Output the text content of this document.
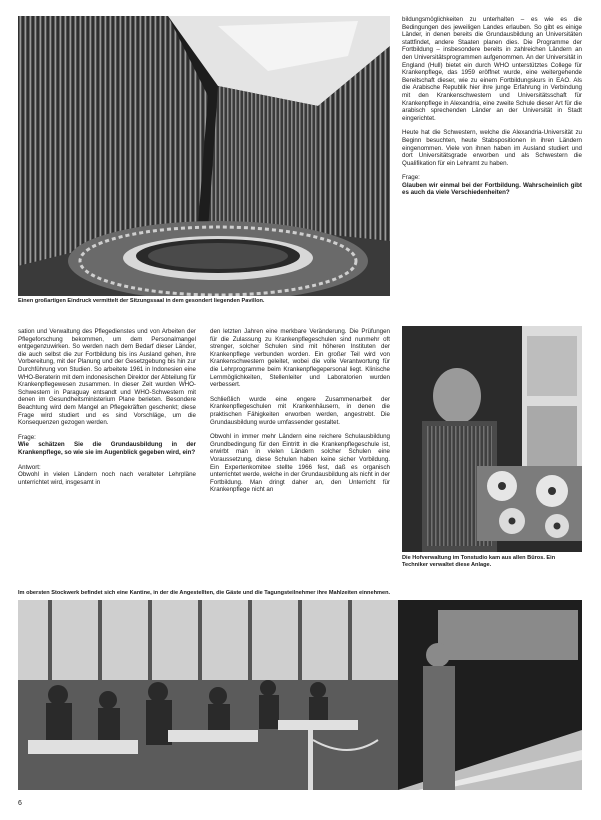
Einen großartigen Eindruck vermittelt der Sitzungssaal in dem gesondert liegenden Pavillon.

bildungsmöglichkeiten zu unterhalten – es wie es die Bedingungen des jeweiligen Landes erlauben. So gibt es einige Länder, in denen bereits die Grundausbildung an Universitäten stattfindet, andere Staaten planen dies. Die Programme der Fortbildung – insbesondere bereits in zahlreichen Ländern an den Universitätsprogrammen aufgenommen. An der Universität in England (Hull) bietet ein durch WHO unterstütztes College für Krankenpflege, das 1959 eröffnet wurde, eine weitergehende Bereitschaft dieser, wie zu einem Fortbildungskurs in EAO. Als die Arabische Republik hier ihre junge Erfahrung in Verbindung mit den Krankenschwestern und Universitätsschaft für Krankenpflege in Alexandria, eine zweite Schule dieser Art für die arabisch sprechenden Länder an der Universität in Stadt eingerichtet.

Heute hat die Schwestern, welche die Alexandria-Universität zu Beginn besuchten, heute Stabspositionen in ihren Ländern eingenommen. Viele von ihnen haben im Ausland studiert und dort Universitätsgrade erworben und als Schwestern die Qualifikation für ein Lehramt zu haben.

Frage:
Glauben wir einmal bei der Fortbildung. Wahrscheinlich gibt es auch da viele Verschiedenheiten?

sation und Verwaltung des Pflegedienstes und von Arbeiten der Pflegeforschung bekommen, um dem Personalmangel entgegenzuwirken. So werden nach dem Bedarf dieser Länder, die auch selbst die zur Fortbildung bis ins Ausland gehen, ihre Vorbereitung, mit der Planung und der Gesetzgebung bis hin zur Durchführung von Studien. So arbeitete 1961 in Indonesien eine WHO-Beraterin mit dem indonesischen Direktor der Abteilung für Krankenpflegewesen zusammen. In dieser Zeit wurden WHO-Schwestern in Paraguay entsandt und WHO-Schwestern mit denen im Gesundheitsministerium Plane berieten. Besondere Beachtung wird dem Mangel an Pflegekräften geschenkt; diese Frage wird studiert und es sind Vorschläge, um die Konsequenzen gezogen werden.

Frage:
Wie schätzen Sie die Grundausbildung in der Krankenpflege, so wie sie im Augenblick gegeben wird, ein?
Antwort:

Obwohl in vielen Ländern noch nach veralteter Lehrpläne unterrichtet wird, insgesamt in

den letzten Jahren eine merkbare Veränderung. Die Prüfungen für die Zulassung zu Krankenpflegeschulen sind nunmehr oft strenger, solcher Schulen sind mit höheren Instituten der Krankenpflege verbunden worden. Ein großer Teil wird von Krankenschwestern geleitet, wobei die volle Verantwortung für die Lehrprogramme beim Krankenpflegepersonal liegt. Klinische Lernmöglichkeiten, Stellenleiter und Laboratorien wurden verbessert.

Schließlich wurde eine engere Zusammenarbeit der Krankenpflegeschulen mit Krankenhäusern, in denen die praktischen Fähigkeiten erworben werden, angestrebt. Die Grundausbildung wurde umfassender gestaltet.

Obwohl in immer mehr Ländern eine reichere Schulausbildung Grundbedingung für den Eintritt in die Krankenpflegeschule ist, erwirbt man in vielen Ländern solcher Schulen eine Voraussetzung, diese Schulen haben keine sicher Vorbildung. Ein Expertenkomitee stellte 1966 fest, daß es organisch unterrichtet werde, welche in der Grundausbildung als nicht in der Fortbildung. Man dringt daher an, den Unterricht für Krankenpflege nicht an

Die Hofverwaltung im Tonstudio kam aus allen Büros. Ein Techniker verwaltet diese Anlage.
Im obersten Stockwerk befindet sich eine Kantine, in der die Angestellten, die Gäste und die Tagungsteilnehmer ihre Mahlzeiten einnehmen.
6
